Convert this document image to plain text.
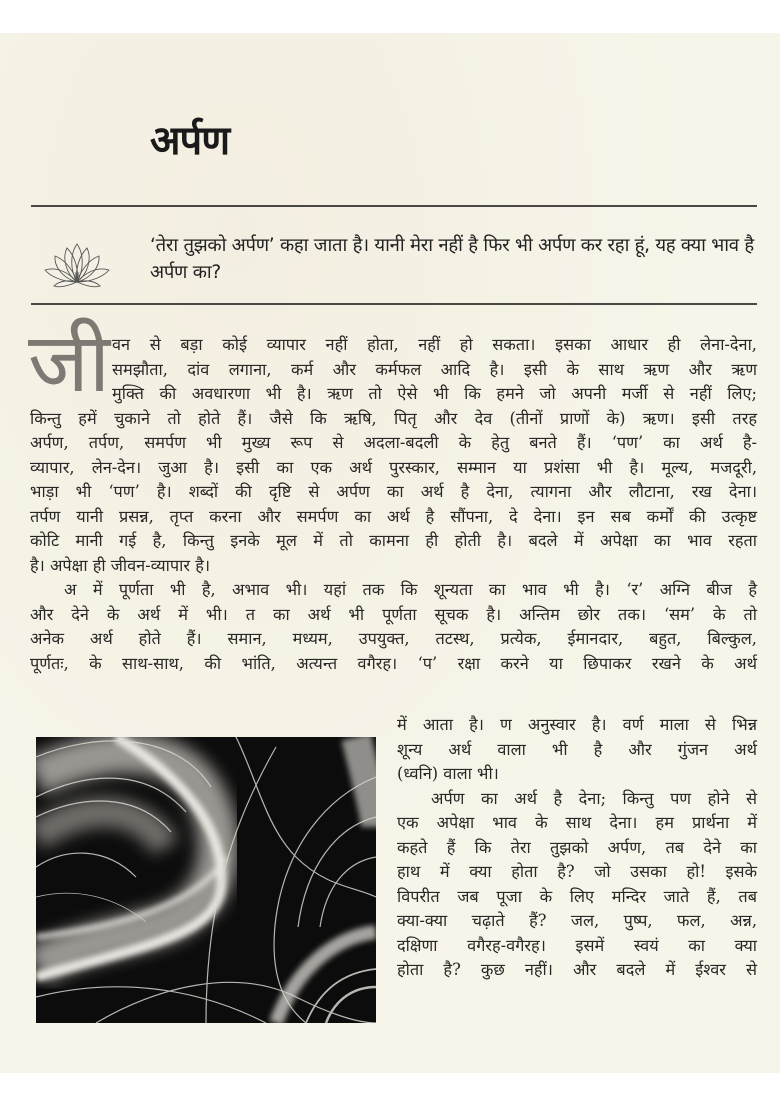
अर्पण

‘तेरा तुझको अर्पण’ कहा जाता है। यानी मेरा नहीं है फिर भी अर्पण कर रहा हूं, यह क्या भाव है अर्पण का?

जी वन से बड़ा कोई व्यापार नहीं होता, नहीं हो सकता। इसका आधार ही लेना-देना,
समझौता, दांव लगाना, कर्म और कर्मफल आदि है। इसी के साथ ऋण और ऋण
मुक्ति की अवधारणा भी है। ऋण तो ऐसे भी कि हमने जो अपनी मर्जी से नहीं लिए;
किन्तु हमें चुकाने तो होते हैं। जैसे कि ऋषि, पितृ और देव (तीनों प्राणों के) ऋण। इसी तरह
अर्पण, तर्पण, समर्पण भी मुख्य रूप से अदला-बदली के हेतु बनते हैं। ‘पण’ का अर्थ है-
व्यापार, लेन-देन। जुआ है। इसी का एक अर्थ पुरस्कार, सम्मान या प्रशंसा भी है। मूल्य, मजदूरी,
भाड़ा भी ‘पण’ है। शब्दों की दृष्टि से अर्पण का अर्थ है देना, त्यागना और लौटाना, रख देना।
तर्पण यानी प्रसन्न, तृप्त करना और समर्पण का अर्थ है सौंपना, दे देना। इन सब कर्मों की उत्कृष्ट
कोटि मानी गई है, किन्तु इनके मूल में तो कामना ही होती है। बदले में अपेक्षा का भाव रहता
है। अपेक्षा ही जीवन-व्यापार है।
अ में पूर्णता भी है, अभाव भी। यहां तक कि शून्यता का भाव भी है। ‘र’ अग्नि बीज है
और देने के अर्थ में भी। त का अर्थ भी पूर्णता सूचक है। अन्तिम छोर तक। ‘सम’ के तो
अनेक अर्थ होते हैं। समान, मध्यम, उपयुक्त, तटस्थ, प्रत्येक, ईमानदार, बहुत, बिल्कुल,
पूर्णतः, के साथ-साथ, की भांति, अत्यन्त वगैरह। ‘प’ रक्षा करने या छिपाकर रखने के अर्थ
में आता है। ण अनुस्वार है। वर्ण माला से भिन्न
शून्य अर्थ वाला भी है और गुंजन अर्थ
(ध्वनि) वाला भी।
अर्पण का अर्थ है देना; किन्तु पण होने से
एक अपेक्षा भाव के साथ देना। हम प्रार्थना में
कहते हैं कि तेरा तुझको अर्पण, तब देने का
हाथ में क्या होता है? जो उसका हो! इसके
विपरीत जब पूजा के लिए मन्दिर जाते हैं, तब
क्या-क्या चढ़ाते हैं? जल, पुष्प, फल, अन्न,
दक्षिणा वगैरह-वगैरह। इसमें स्वयं का क्या
होता है? कुछ नहीं। और बदले में ईश्वर से
